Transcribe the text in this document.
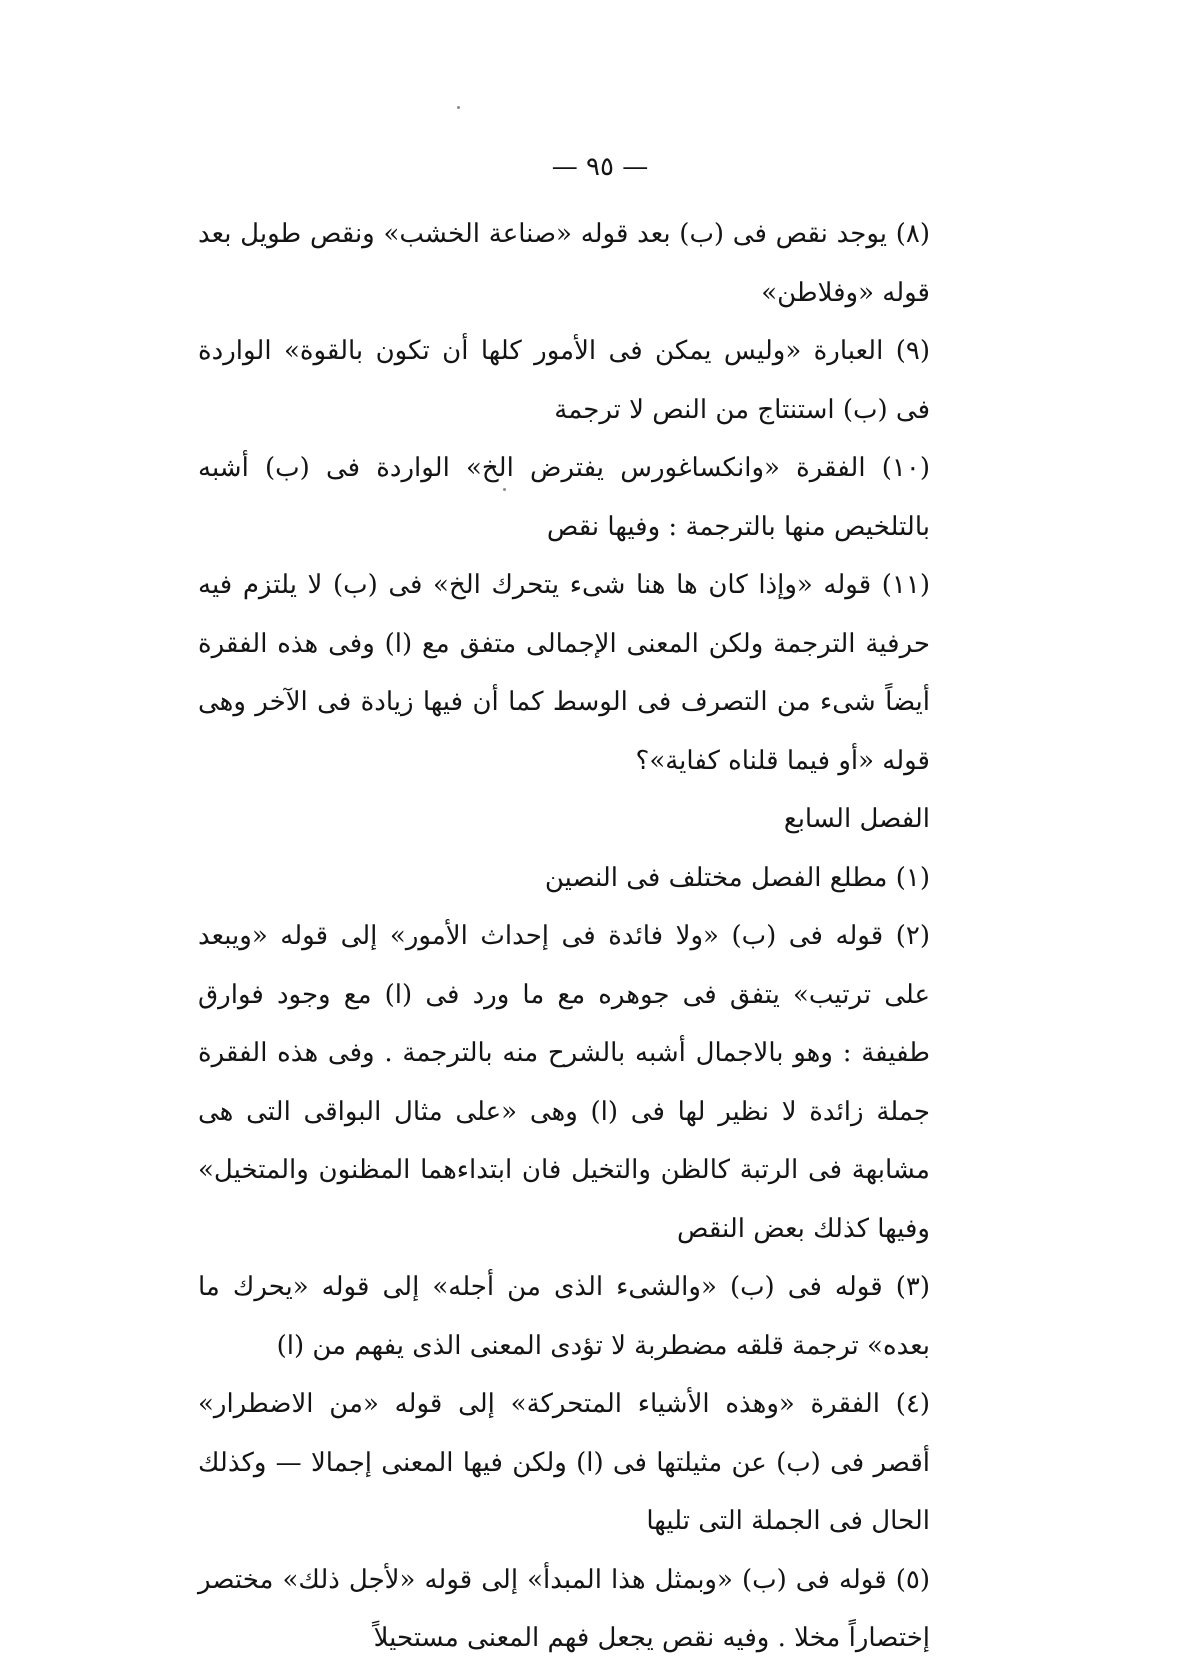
— ٩٥ —

(٨) يوجد نقص فى (ب) بعد قوله «صناعة الخشب» ونقص طويل بعد قوله «وفلاطن»

(٩) العبارة «وليس يمكن فى الأمور كلها أن تكون بالقوة» الواردة فى (ب) استنتاج من النص لا ترجمة

(١٠) الفقرة «وانكساغورس يفترض الخ» الواردة فى (ب) أشبه بالتلخيص منها بالترجمة : وفيها نقص

(١١) قوله «وإذا كان ها هنا شىء يتحرك الخ» فى (ب) لا يلتزم فيه حرفية الترجمة ولكن المعنى الإجمالى متفق مع (ا) وفى هذه الفقرة أيضاً شىء من التصرف فى الوسط كما أن فيها زيادة فى الآخر وهى قوله «أو فيما قلناه كفاية»؟

الفصل السابع

(١) مطلع الفصل مختلف فى النصين

(٢) قوله فى (ب) «ولا فائدة فى إحداث الأمور» إلى قوله «ويبعد على ترتيب» يتفق فى جوهره مع ما ورد فى (ا) مع وجود فوارق طفيفة : وهو بالاجمال أشبه بالشرح منه بالترجمة . وفى هذه الفقرة جملة زائدة لا نظير لها فى (ا) وهى «على مثال البواقى التى هى مشابهة فى الرتبة كالظن والتخيل فان ابتداءهما المظنون والمتخيل» وفيها كذلك بعض النقص

(٣) قوله فى (ب) «والشىء الذى من أجله» إلى قوله «يحرك ما بعده» ترجمة قلقه مضطربة لا تؤدى المعنى الذى يفهم من (ا)

(٤) الفقرة «وهذه الأشياء المتحركة» إلى قوله «من الاضطرار» أقصر فى (ب) عن مثيلتها فى (ا) ولكن فيها المعنى إجمالا — وكذلك الحال فى الجملة التى تليها

(٥) قوله فى (ب) «وبمثل هذا المبدأ» إلى قوله «لأجل ذلك» مختصر إختصاراً مخلا . وفيه نقص يجعل فهم المعنى مستحيلاً
